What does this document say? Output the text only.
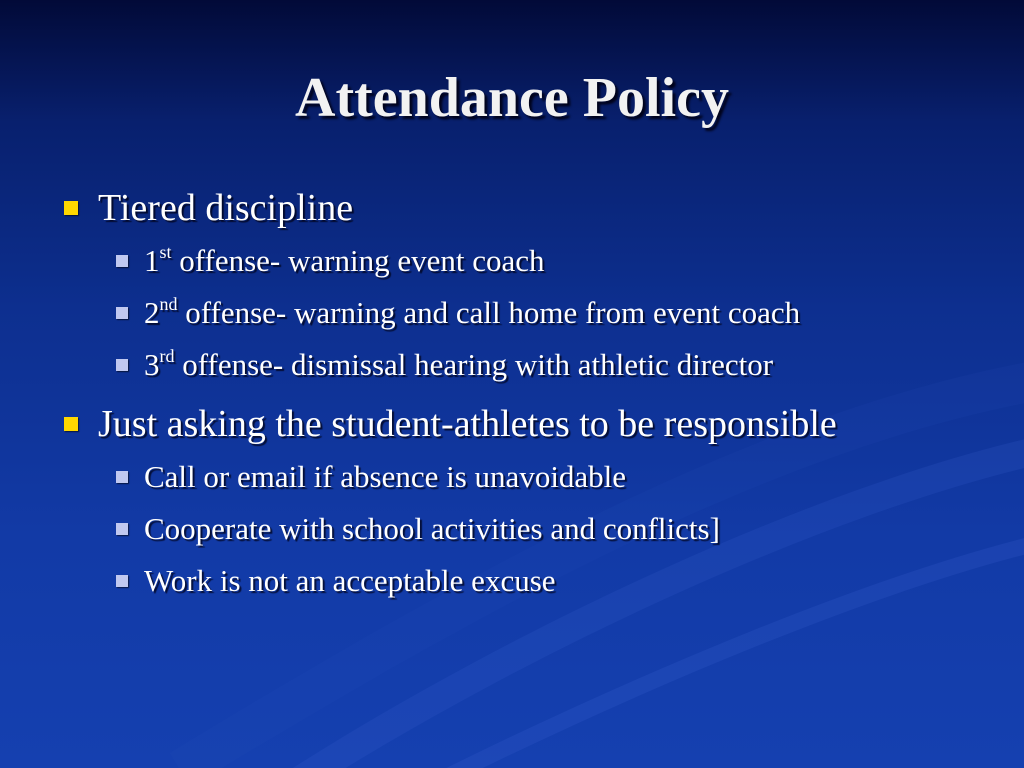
Attendance Policy
Tiered discipline
1st offense- warning event coach
2nd offense- warning and call home from event coach
3rd offense- dismissal hearing with athletic director
Just asking the student-athletes to be responsible
Call or email if absence is unavoidable
Cooperate with school activities and conflicts]
Work is not an acceptable excuse
